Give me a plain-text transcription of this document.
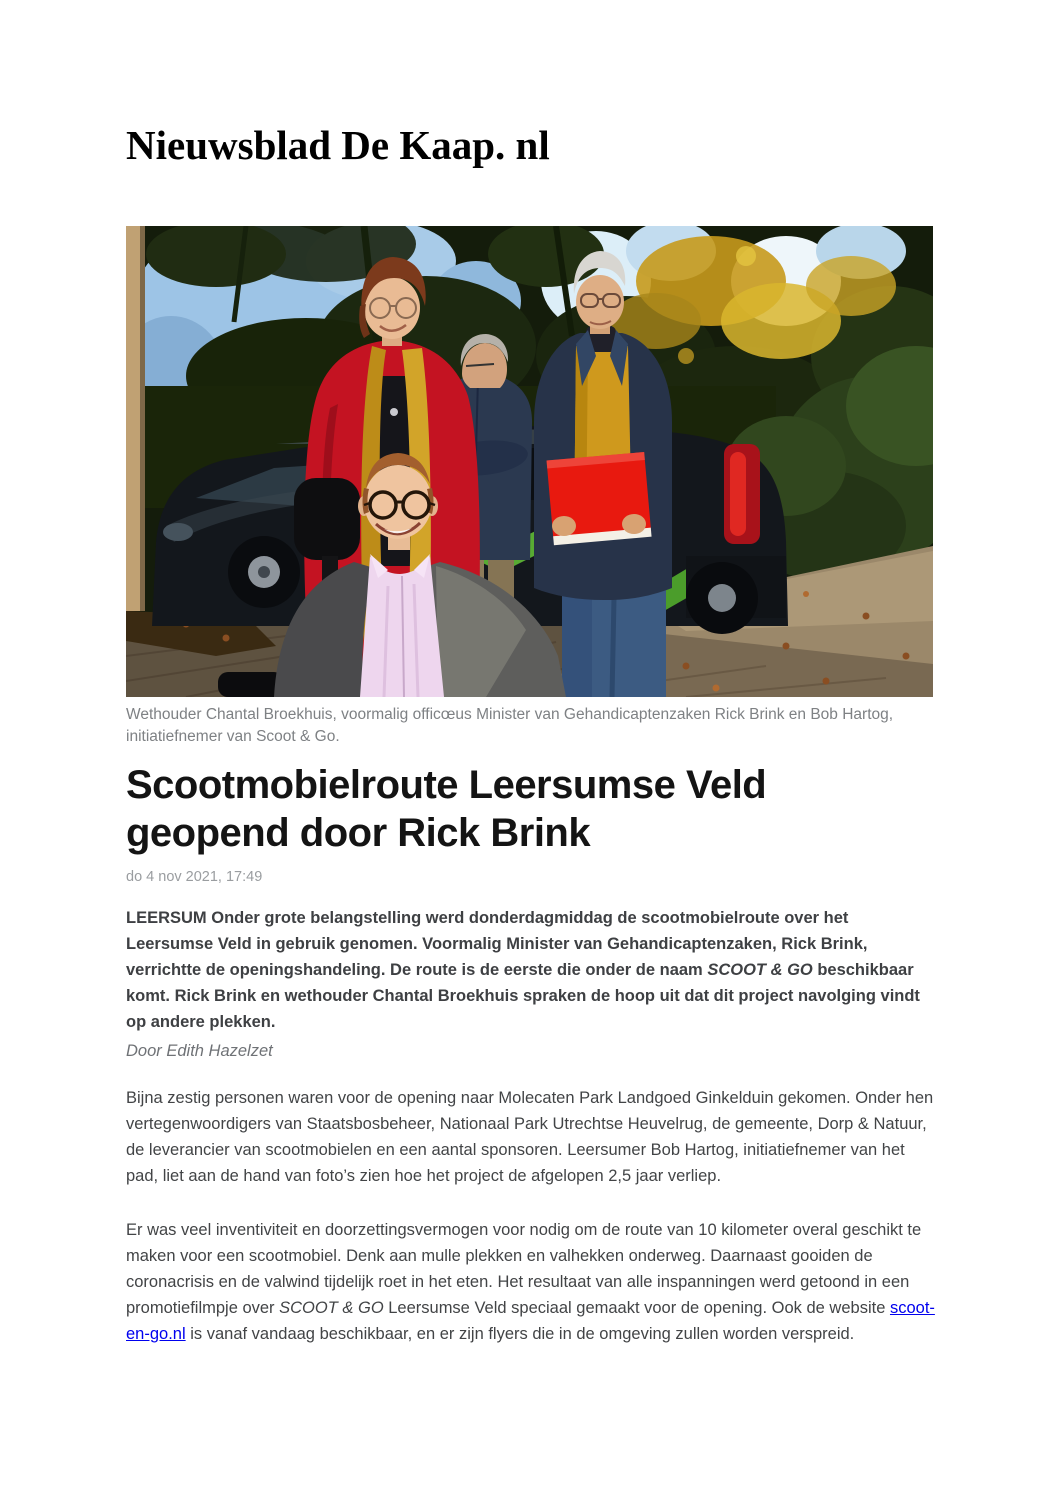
Nieuwsblad De Kaap. nl
Wethouder Chantal Broekhuis, voormalig officœus Minister van Gehandicaptenzaken Rick Brink en Bob Hartog, initiatiefnemer van Scoot & Go.
Scootmobielroute Leersumse Veld geopend door Rick Brink
do 4 nov 2021, 17:49

LEERSUM Onder grote belangstelling werd donderdagmiddag de scootmobielroute over het Leersumse Veld in gebruik genomen. Voormalig Minister van Gehandicaptenzaken, Rick Brink, verrichtte de openingshandeling. De route is de eerste die onder de naam SCOOT & GO beschikbaar komt. Rick Brink en wethouder Chantal Broekhuis spraken de hoop uit dat dit project navolging vindt op andere plekken.

Door Edith Hazelzet

Bijna zestig personen waren voor de opening naar Molecaten Park Landgoed Ginkelduin gekomen. Onder hen vertegenwoordigers van Staatsbosbeheer, Nationaal Park Utrechtse Heuvelrug, de gemeente, Dorp & Natuur, de leverancier van scootmobielen en een aantal sponsoren. Leersumer Bob Hartog, initiatiefnemer van het pad, liet aan de hand van foto’s zien hoe het project de afgelopen 2,5 jaar verliep.

Er was veel inventiviteit en doorzettingsvermogen voor nodig om de route van 10 kilometer overal geschikt te maken voor een scootmobiel. Denk aan mulle plekken en valhekken onderweg. Daarnaast gooiden de coronacrisis en de valwind tijdelijk roet in het eten. Het resultaat van alle inspanningen werd getoond in een promotiefilmpje over SCOOT & GO Leersumse Veld speciaal gemaakt voor de opening. Ook de website scoot-en-go.nl is vanaf vandaag beschikbaar, en er zijn flyers die in de omgeving zullen worden verspreid.
